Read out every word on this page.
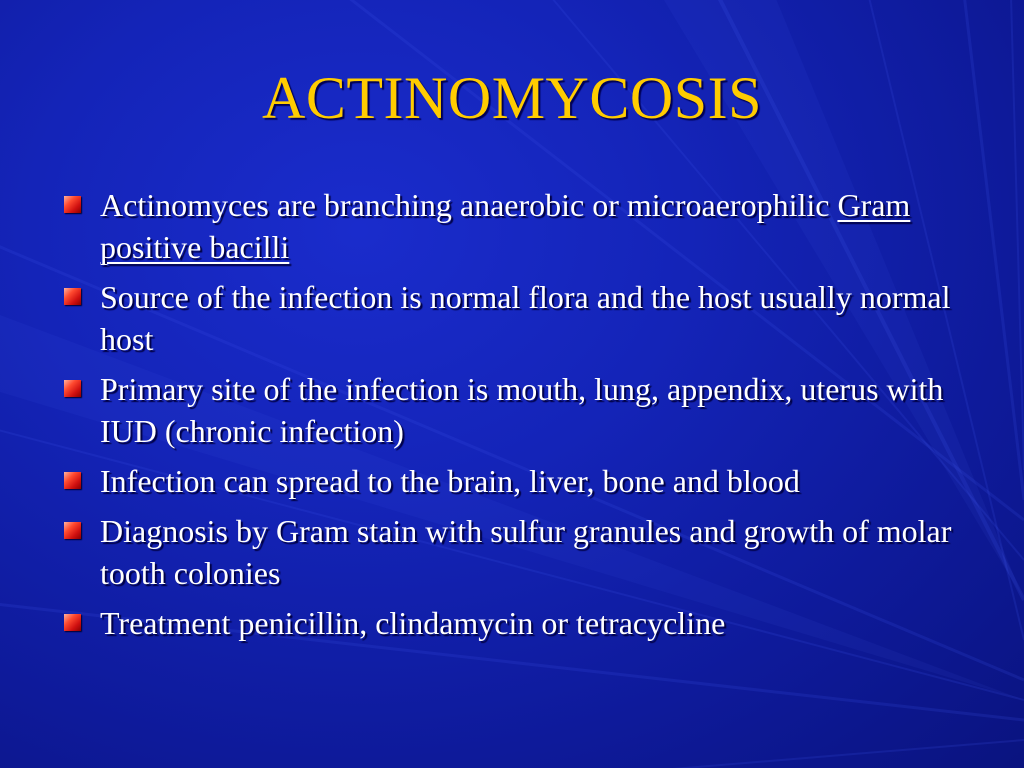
ACTINOMYCOSIS
Actinomyces are branching anaerobic or microaerophilic Gram positive bacilli
Source of the infection is normal flora and the host usually normal host
Primary site of the infection is mouth, lung, appendix, uterus with IUD (chronic infection)
Infection can spread to the brain, liver, bone and blood
Diagnosis by Gram stain with sulfur granules and growth of molar tooth colonies
Treatment penicillin, clindamycin or tetracycline
